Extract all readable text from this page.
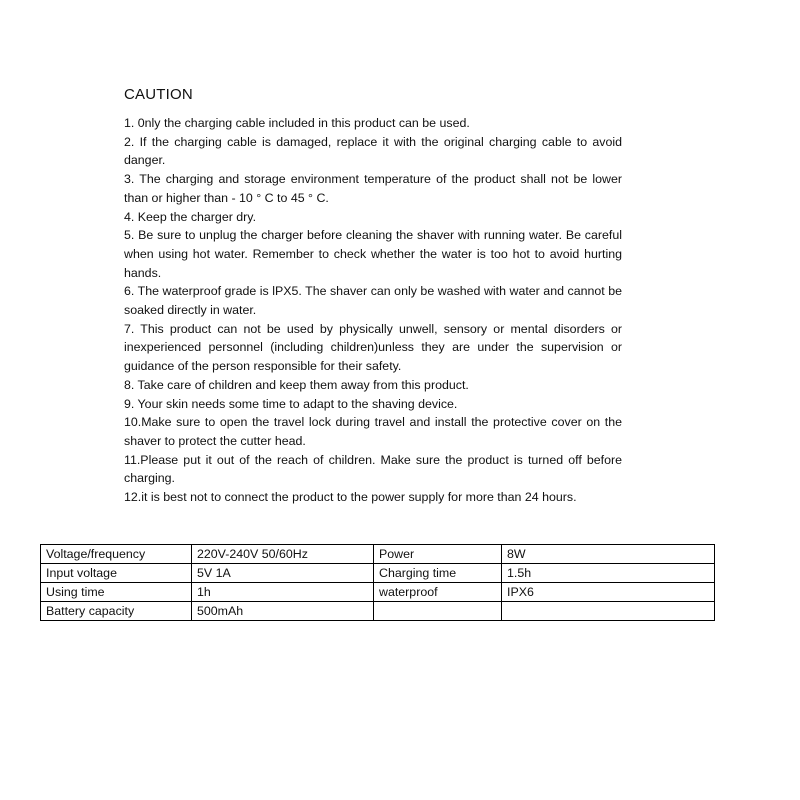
CAUTION
1. 0nly the charging cable included in this product can be used.
2. If the charging cable is damaged, replace it with the original charging cable to avoid danger.
3. The charging and storage environment temperature of the product shall not be lower than or higher than - 10 ° C to 45 ° C.
4. Keep the charger dry.
5. Be sure to unplug the charger before cleaning the shaver with running water. Be careful when using hot water. Remember to check whether the water is too hot to avoid hurting hands.
6. The waterproof grade is lPX5. The shaver can only be washed with water and cannot be soaked directly in water.
7. This product can not be used by physically unwell, sensory or mental disorders or inexperienced personnel (including children)unless they are under the supervision or guidance of the person responsible for their safety.
8. Take care of children and keep them away from this product.
9. Your skin needs some time to adapt to the shaving device.
10.Make sure to open the travel lock during travel and install the protective cover on the shaver to protect the cutter head.
11.Please put it out of the reach of children. Make sure the product is turned off before charging.
12.it is best not to connect the product to the power supply for more than 24 hours.
Voltage/frequency	220V-240V 50/60Hz	Power	8W
Input voltage	5V 1A	Charging time	1.5h
Using time	1h	waterproof	IPX6
Battery capacity	500mAh		
